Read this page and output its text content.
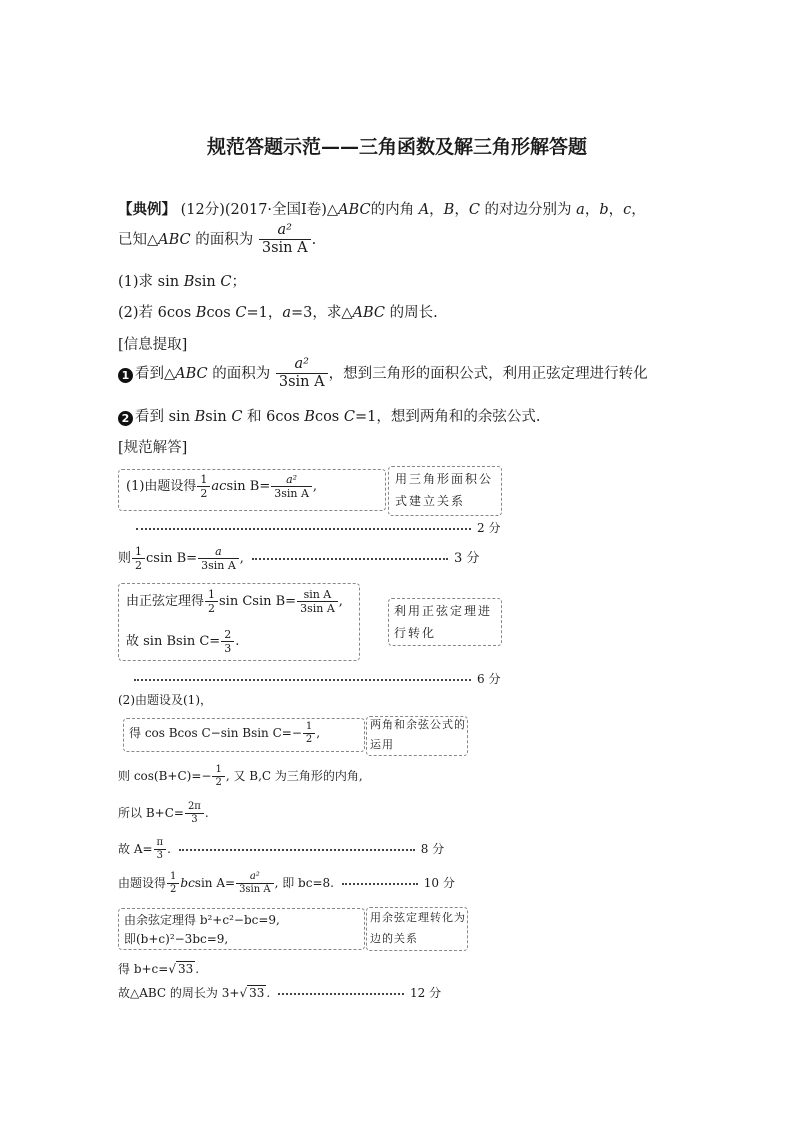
规范答题示范——三角函数及解三角形解答题
【典例】 (12分)(2017·全国Ⅰ卷)△ABC的内角 A，B，C 的对边分别为 a，b，c，
已知△ABC 的面积为 $\frac{\text{a²}}{\text{3sin A}}$ .
(1)求 sin Bsin C；
(2)若 6cos Bcos C=1，a=3，求△ABC 的周长.
[信息提取]
1 看到△ABC 的面积为 $\frac{\text{a²}}{\text{3sin A}}$ ，想到三角形的面积公式，利用正弦定理进行转化
2 看到 sin Bsin C 和 6cos Bcos C=1，想到两角和的余弦公式.
[规范解答]
(1)由题设得 $\frac{1}{2}$ acsin $B= \frac{\text{a²}}{\text{3sin A}}$ ,
用三角形面积公式建立关系
2 分
则 $\frac{1}{2}$ csin $B= \frac{a}{\text{3sin A}}$ ,	3 分
由正弦定理得 $\frac{1}{2}$ sin Csin $B= \frac{\text{sin A}}{\text{3sin A}}$ ,
故 sin Bsin $C= \frac{2}{3}$ .
利用正弦定理进行转化
6 分
(2)由题设及(1)，
得 cos Bcos C−sin Bsin $C=- \frac{1}{2}$ ,
两角和余弦公式的运用
则 $\cos(B+C)=- \frac{1}{2}$ , 又 B,C 为三角形的内角,
所以 $B+C= \frac{2\pi}{3}$ .
故 $A= \frac{\pi}{3}$ .	8 分
由题设得 $\frac{1}{2}$ bcsin $A= \frac{\text{a²}}{\text{3sin A}}$ , 即 bc=8.	10 分
由余弦定理得 b²+c²−bc=9,
即(b+c)²−3bc=9,
用余弦定理转化为边的关系
得 b+c=√ 33 .
故△ABC 的周长为 3+√ 33 .	12 分
